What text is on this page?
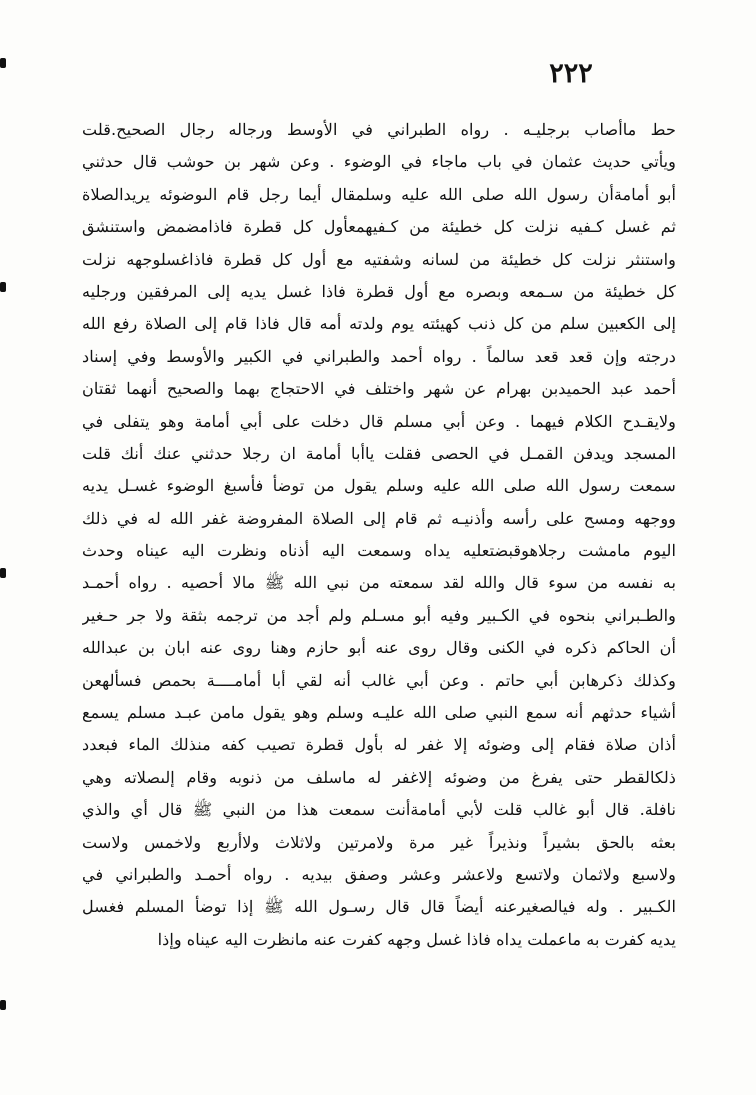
٢٢٢
حط ماأصاب برجليـه . رواه الطبراني في الأوسط ورجاله رجال الصحيح.قلت
ويأتي حديث عثمان في باب ماجاء في الوضوء . وعن شهر بن حوشب قال حدثني
أبو أمامةأن رسول الله صلى الله عليه وسلمقال أيما رجل قام الىوضوئه يريدالصلاة
ثم غسل كـفيه نزلت كل خطيئة من كـفيهمعأول كل قطرة فاذامضمض واستنشق
واستنثر نزلت كل خطيئة من لسانه وشفتيه مع أول كل قطرة فاذاغسلوجهه نزلت
كل خطيئة من سـمعه وبصره مع أول قطرة فاذا غسل يديه إلى المرفقين ورجليه
إلى الكعبين سلم من كل ذنب كهيئته يوم ولدته أمه قال فاذا قام إلى الصلاة رفع الله
درجته وإن قعد قعد سالماً . رواه أحمد والطبراني في الكبير والأوسط وفي إسناد
أحمد عبد الحميدبن بهرام عن شهر واختلف في الاحتجاج بهما والصحيح أنهما ثقتان
ولايقـدح الكلام فيهما . وعن أبي مسلم قال دخلت على أبي أمامة وهو يتفلى في
المسجد ويدفن القمـل في الحصى فقلت ياأبا أمامة ان رجلا حدثني عنك أنك قلت
سمعت رسول الله صلى الله عليه وسلم يقول من توضأ فأسبغ الوضوء غسـل يديه
ووجهه ومسح على رأسه وأذنيـه ثم قام إلى الصلاة المفروضة غفر الله له في ذلك
اليوم مامشت رجلاهوقبضتعليه يداه وسمعت اليه أذناه ونظرت اليه عيناه وحدث
به نفسه من سوء قال والله لقد سمعته من نبي الله ﷺ مالا أحصيه . رواه أحمـد
والطـبراني بنحوه في الكـبير وفيه أبو مسـلم ولم أجد من ترجمه بثقة ولا جر حـغير
أن الحاكم ذكره في الكنى وقال روى عنه أبو حازم وهنا روى عنه ابان بن عبدالله
وكذلك ذكرهابن أبي حاتم . وعن أبي غالب أنه لقي أبا أمامــــة بحمص فسألهعن
أشياء حدثهم أنه سمع النبي صلى الله عليـه وسلم وهو يقول مامن عبـد مسلم يسمع
أذان صلاة فقام إلى وضوئه إلا غفر له بأول قطرة تصيب كفه منذلك الماء فبعدد
ذلكالقطر حتى يفرغ من وضوئه إلاغفر له ماسلف من ذنوبه وقام إلىصلاته وهي
نافلة. قال أبو غالب قلت لأبي أمامةأنت سمعت هذا من النبي ﷺ قال أي والذي
بعثه بالحق بشيراً ونذيراً غير مرة ولامرتين ولاثلاث ولاأربع ولاخمس ولاست
ولاسبع ولاثمان ولاتسع ولاعشر وعشر وصفق بيديه . رواه أحمـد والطبراني في
الكـبير . وله فيالصغيرعنه أيضاً قال قال رسـول الله ﷺ إذا توضأ المسلم فغسل
يديه كفرت به ماعملت يداه فاذا غسل وجهه كفرت عنه مانظرت اليه عيناه وإذا
